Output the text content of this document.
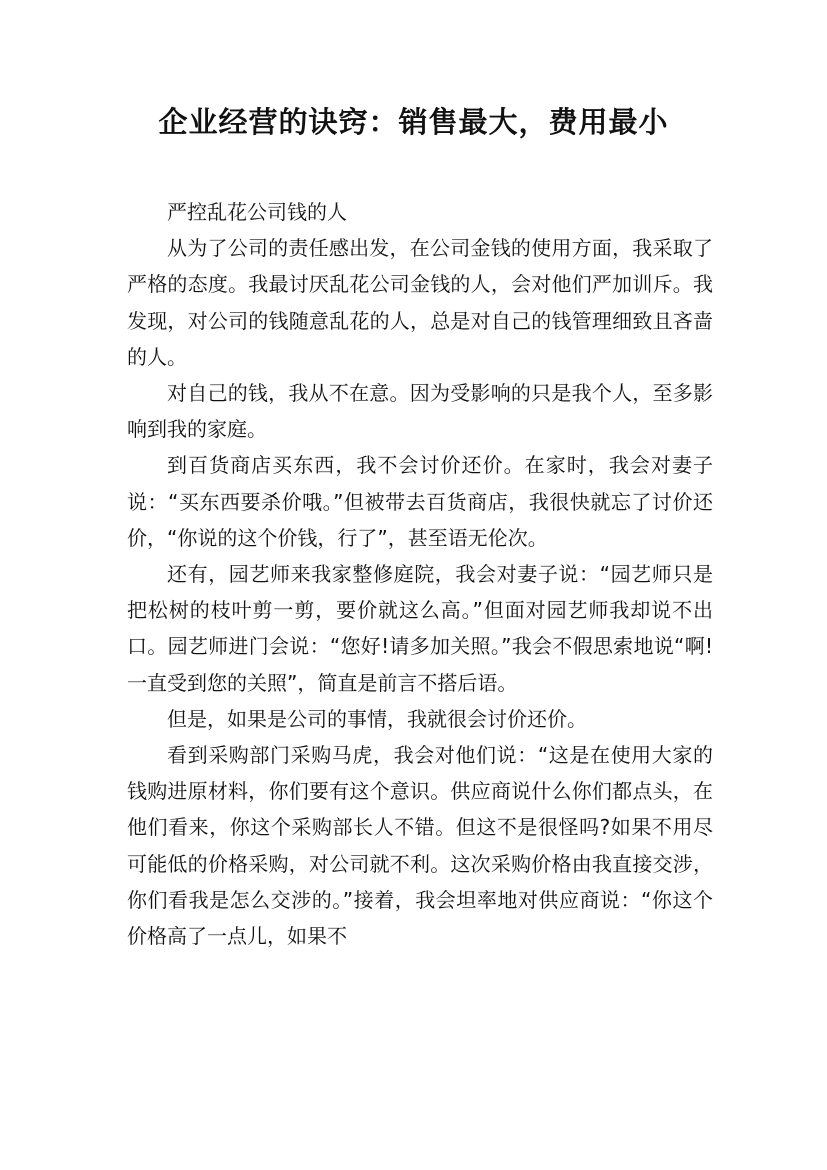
企业经营的诀窍：销售最大，费用最小

严控乱花公司钱的人

从为了公司的责任感出发，在公司金钱的使用方面，我采取了严格的态度。我最讨厌乱花公司金钱的人，会对他们严加训斥。我发现，对公司的钱随意乱花的人，总是对自己的钱管理细致且吝啬的人。

对自己的钱，我从不在意。因为受影响的只是我个人，至多影响到我的家庭。

到百货商店买东西，我不会讨价还价。在家时，我会对妻子说：“买东西要杀价哦。”但被带去百货商店，我很快就忘了讨价还价，“你说的这个价钱，行了”，甚至语无伦次。

还有，园艺师来我家整修庭院，我会对妻子说：“园艺师只是把松树的枝叶剪一剪，要价就这么高。”但面对园艺师我却说不出口。园艺师进门会说：“您好!请多加关照。”我会不假思索地说“啊!一直受到您的关照”，简直是前言不搭后语。

但是，如果是公司的事情，我就很会讨价还价。

看到采购部门采购马虎，我会对他们说：“这是在使用大家的钱购进原材料，你们要有这个意识。供应商说什么你们都点头，在他们看来，你这个采购部长人不错。但这不是很怪吗?如果不用尽可能低的价格采购，对公司就不利。这次采购价格由我直接交涉，你们看我是怎么交涉的。”接着，我会坦率地对供应商说：“你这个价格高了一点儿，如果不
